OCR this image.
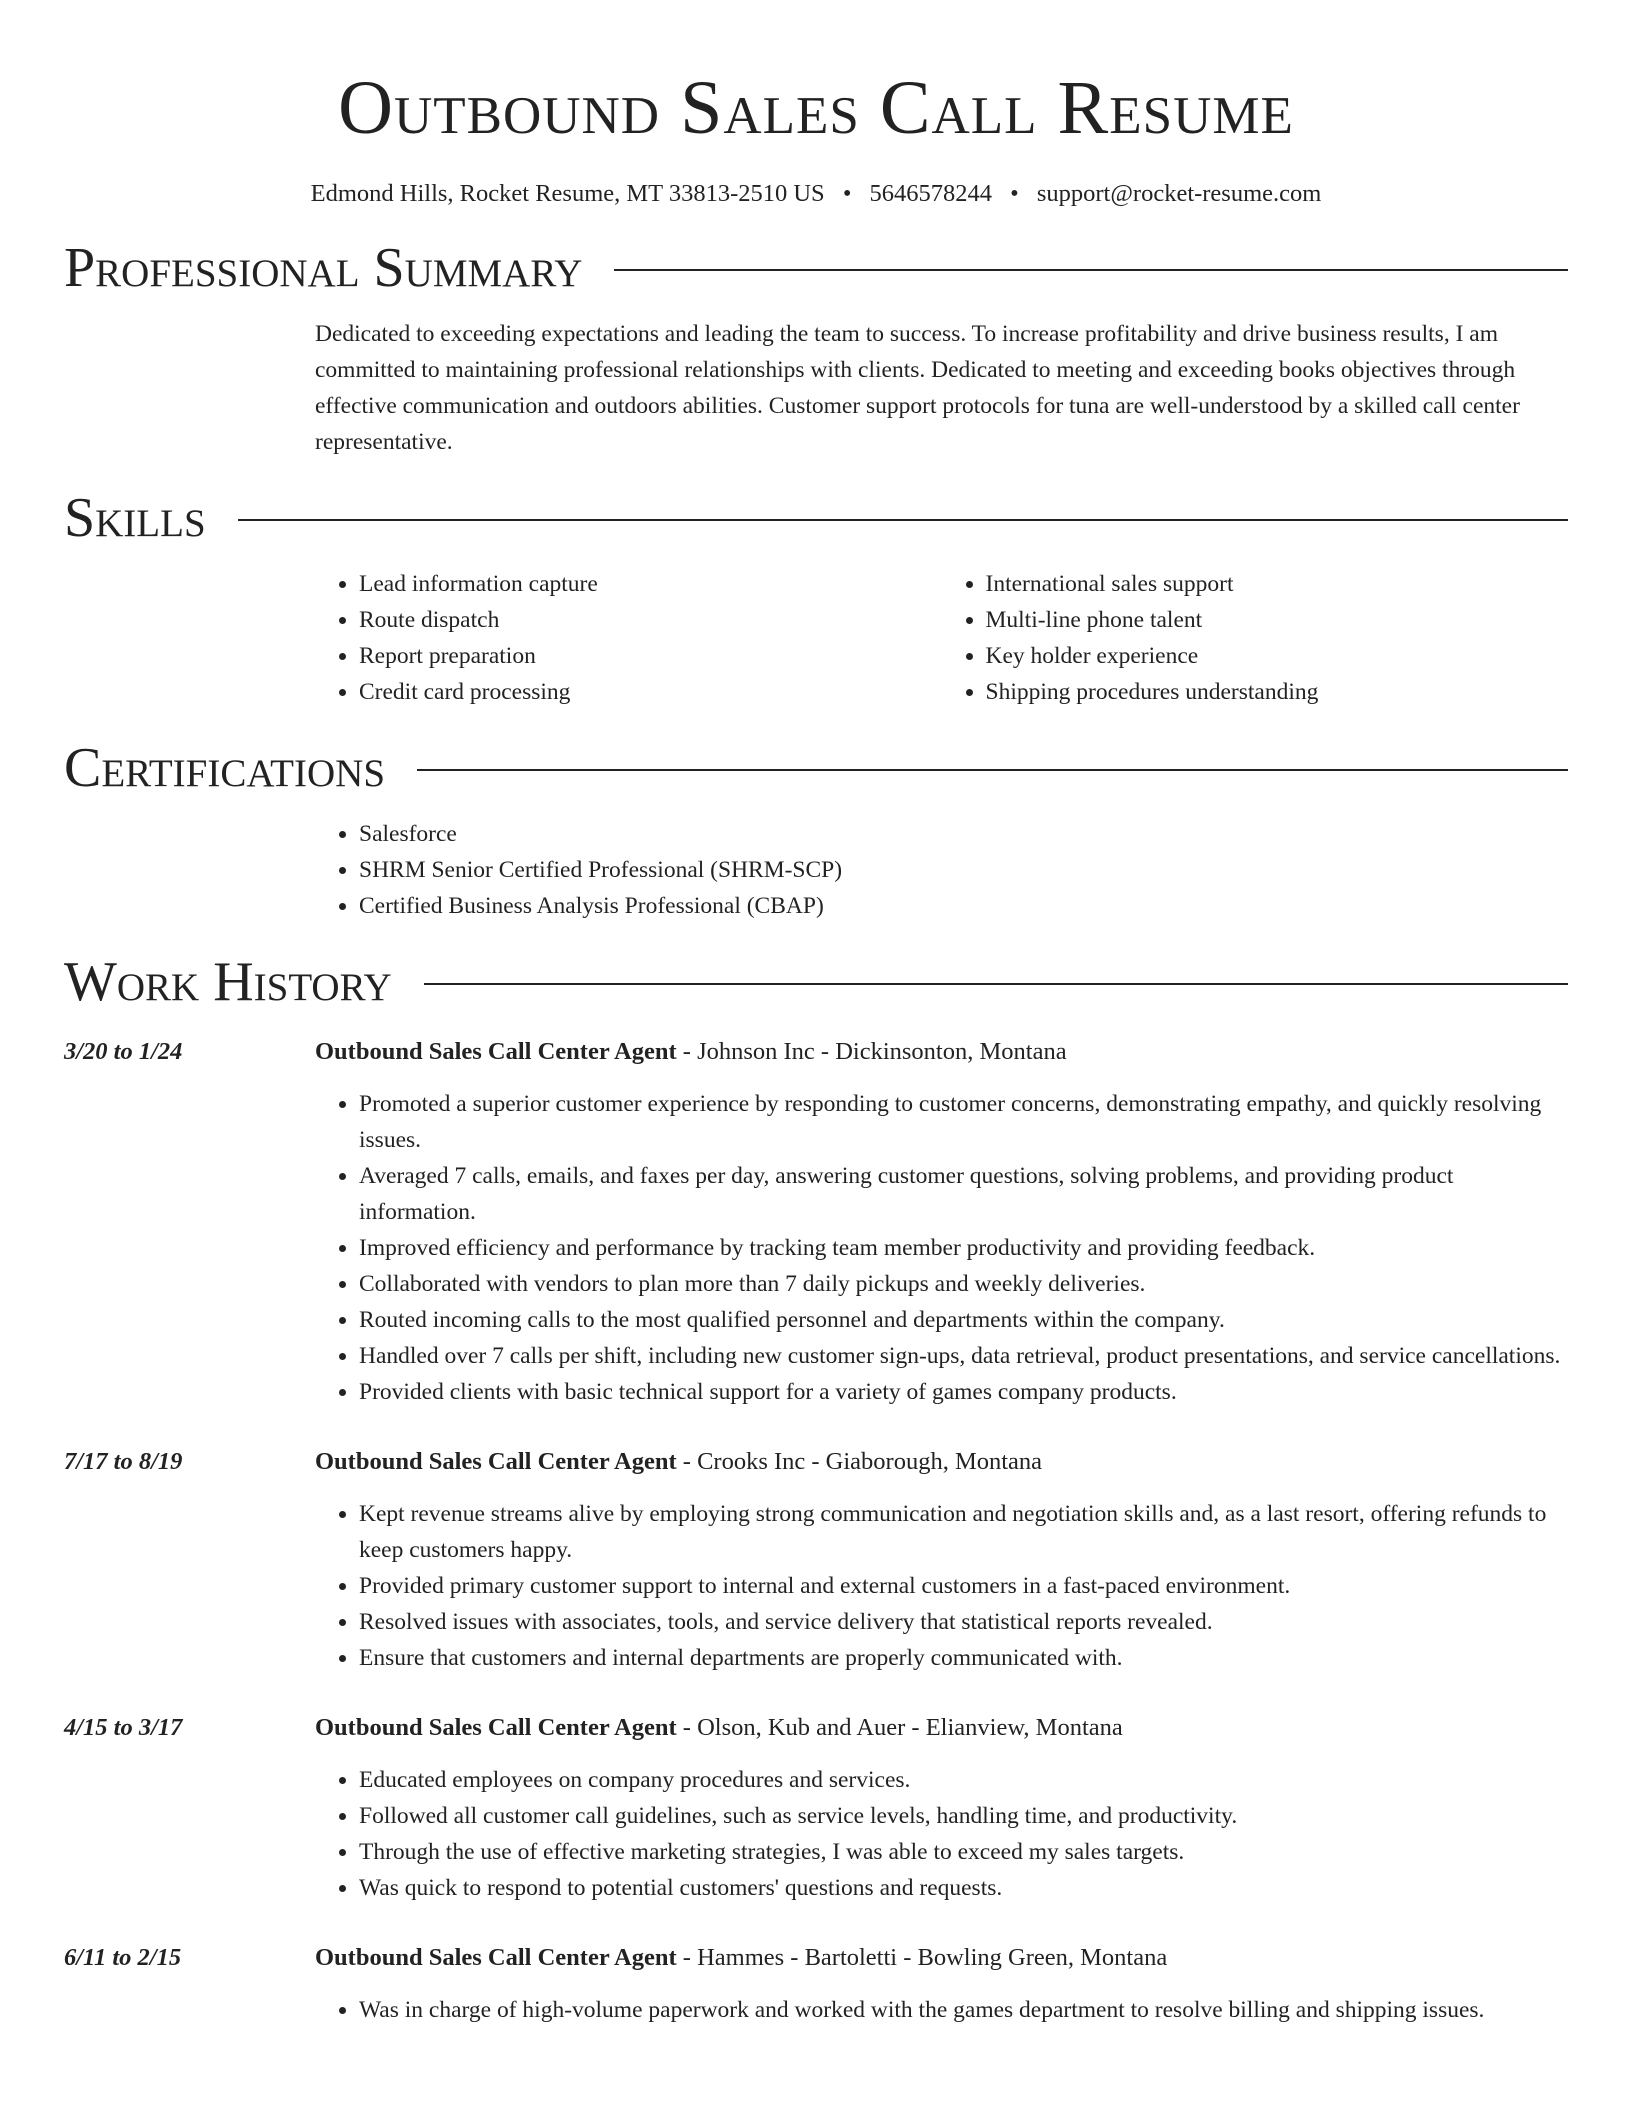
Outbound Sales Call Resume
Edmond Hills, Rocket Resume, MT 33813-2510 US • 5646578244 • support@rocket-resume.com
Professional Summary
Dedicated to exceeding expectations and leading the team to success. To increase profitability and drive business results, I am committed to maintaining professional relationships with clients. Dedicated to meeting and exceeding books objectives through effective communication and outdoors abilities. Customer support protocols for tuna are well-understood by a skilled call center representative.
Skills
• Lead information capture
• Route dispatch
• Report preparation
• Credit card processing
• International sales support
• Multi-line phone talent
• Key holder experience
• Shipping procedures understanding
Certifications
• Salesforce
• SHRM Senior Certified Professional (SHRM-SCP)
• Certified Business Analysis Professional (CBAP)
Work History
3/20 to 1/24	Outbound Sales Call Center Agent - Johnson Inc - Dickinsonton, Montana
• Promoted a superior customer experience by responding to customer concerns, demonstrating empathy, and quickly resolving issues.
• Averaged 7 calls, emails, and faxes per day, answering customer questions, solving problems, and providing product information.
• Improved efficiency and performance by tracking team member productivity and providing feedback.
• Collaborated with vendors to plan more than 7 daily pickups and weekly deliveries.
• Routed incoming calls to the most qualified personnel and departments within the company.
• Handled over 7 calls per shift, including new customer sign-ups, data retrieval, product presentations, and service cancellations.
• Provided clients with basic technical support for a variety of games company products.
7/17 to 8/19	Outbound Sales Call Center Agent - Crooks Inc - Giaborough, Montana
• Kept revenue streams alive by employing strong communication and negotiation skills and, as a last resort, offering refunds to keep customers happy.
• Provided primary customer support to internal and external customers in a fast-paced environment.
• Resolved issues with associates, tools, and service delivery that statistical reports revealed.
• Ensure that customers and internal departments are properly communicated with.
4/15 to 3/17	Outbound Sales Call Center Agent - Olson, Kub and Auer - Elianview, Montana
• Educated employees on company procedures and services.
• Followed all customer call guidelines, such as service levels, handling time, and productivity.
• Through the use of effective marketing strategies, I was able to exceed my sales targets.
• Was quick to respond to potential customers' questions and requests.
6/11 to 2/15	Outbound Sales Call Center Agent - Hammes - Bartoletti - Bowling Green, Montana
• Was in charge of high-volume paperwork and worked with the games department to resolve billing and shipping issues.
